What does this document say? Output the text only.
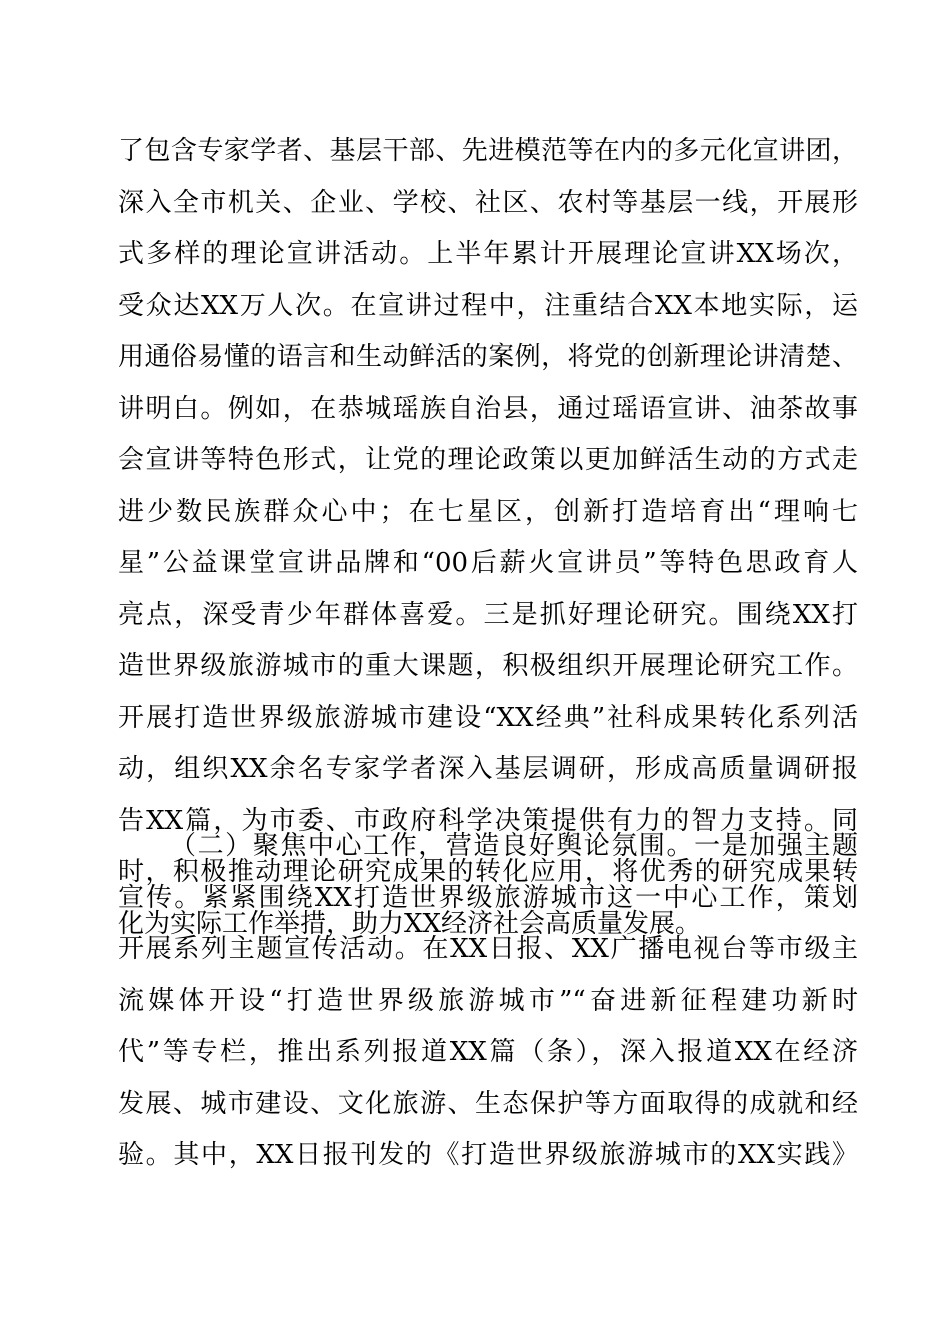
了包含专家学者、基层干部、先进模范等在内的多元化宣讲团，
深入全市机关、企业、学校、社区、农村等基层一线，开展形
式多样的理论宣讲活动。上半年累计开展理论宣讲XX场次，
受众达XX万人次。在宣讲过程中，注重结合XX本地实际，运
用通俗易懂的语言和生动鲜活的案例，将党的创新理论讲清楚、
讲明白。例如，在恭城瑶族自治县，通过瑶语宣讲、油茶故事
会宣讲等特色形式，让党的理论政策以更加鲜活生动的方式走
进少数民族群众心中；在七星区，创新打造培育出“理响七
星”公益课堂宣讲品牌和“00后薪火宣讲员”等特色思政育人
亮点，深受青少年群体喜爱。三是抓好理论研究。围绕XX打
造世界级旅游城市的重大课题，积极组织开展理论研究工作。
开展打造世界级旅游城市建设“XX经典”社科成果转化系列活
动，组织XX余名专家学者深入基层调研，形成高质量调研报
告XX篇，为市委、市政府科学决策提供有力的智力支持。同
时，积极推动理论研究成果的转化应用，将优秀的研究成果转
化为实际工作举措，助力XX经济社会高质量发展。
（二）聚焦中心工作，营造良好舆论氛围。一是加强主题
宣传。紧紧围绕XX打造世界级旅游城市这一中心工作，策划
开展系列主题宣传活动。在XX日报、XX广播电视台等市级主
流媒体开设“打造世界级旅游城市”“奋进新征程建功新时
代”等专栏，推出系列报道XX篇（条），深入报道XX在经济
发展、城市建设、文化旅游、生态保护等方面取得的成就和经
验。其中，XX日报刊发的《打造世界级旅游城市的XX实践》
